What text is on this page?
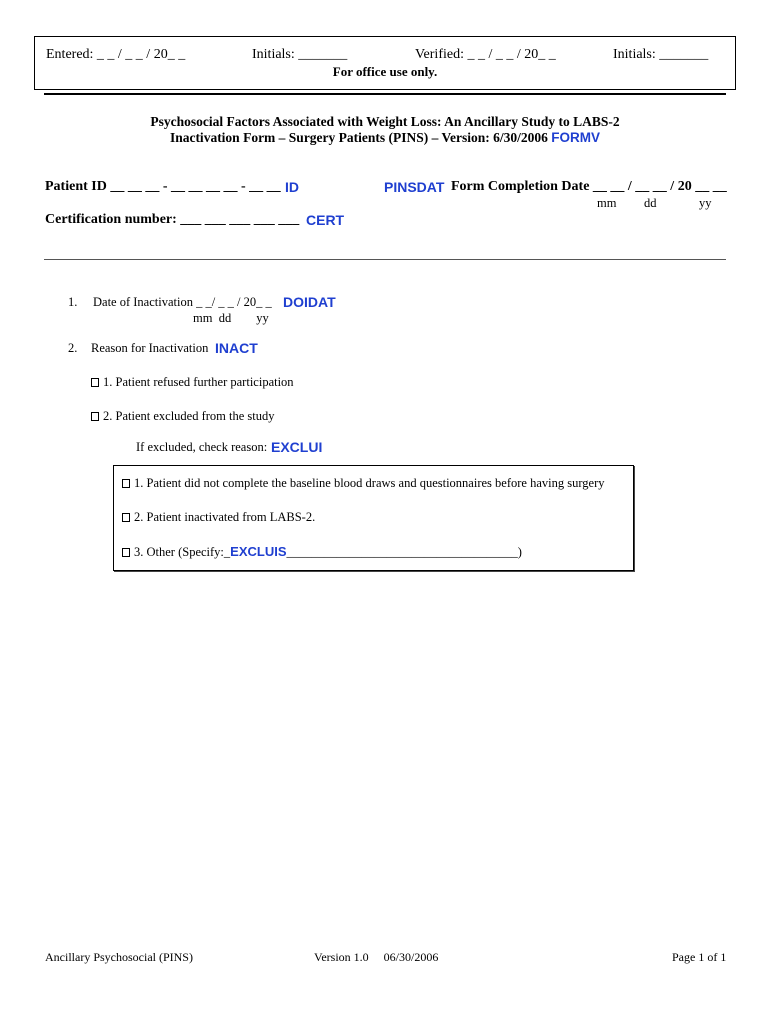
Entered: _ _ / _ _ / 20_ _	Initials: _______	Verified: _ _ / _ _ / 20_ _	Initials: _______
For office use only.
Psychosocial Factors Associated with Weight Loss: An Ancillary Study to LABS-2
Inactivation Form – Surgery Patients (PINS) – Version: 6/30/2006 FORMV
Patient ID __ __ __ - __ __ __ __ - __ __ ID	PINSDAT Form Completion Date __ __ / __ __ / 20 __ __
mm dd	yy
Certification number: ___ ___ ___ ___ ___ CERT
1. Date of Inactivation _ _/ _ _ / 20_ _ DOIDAT
mm  dd        yy
2. Reason for Inactivation INACT
1. Patient refused further participation
2. Patient excluded from the study
If excluded, check reason: EXCLUI
1. Patient did not complete the baseline blood draws and questionnaires before having surgery
2. Patient inactivated from LABS-2.
3. Other (Specify:_EXCLUIS_____________________________________)
Ancillary Psychosocial (PINS)	Version 1.0     06/30/2006	Page 1 of 1
